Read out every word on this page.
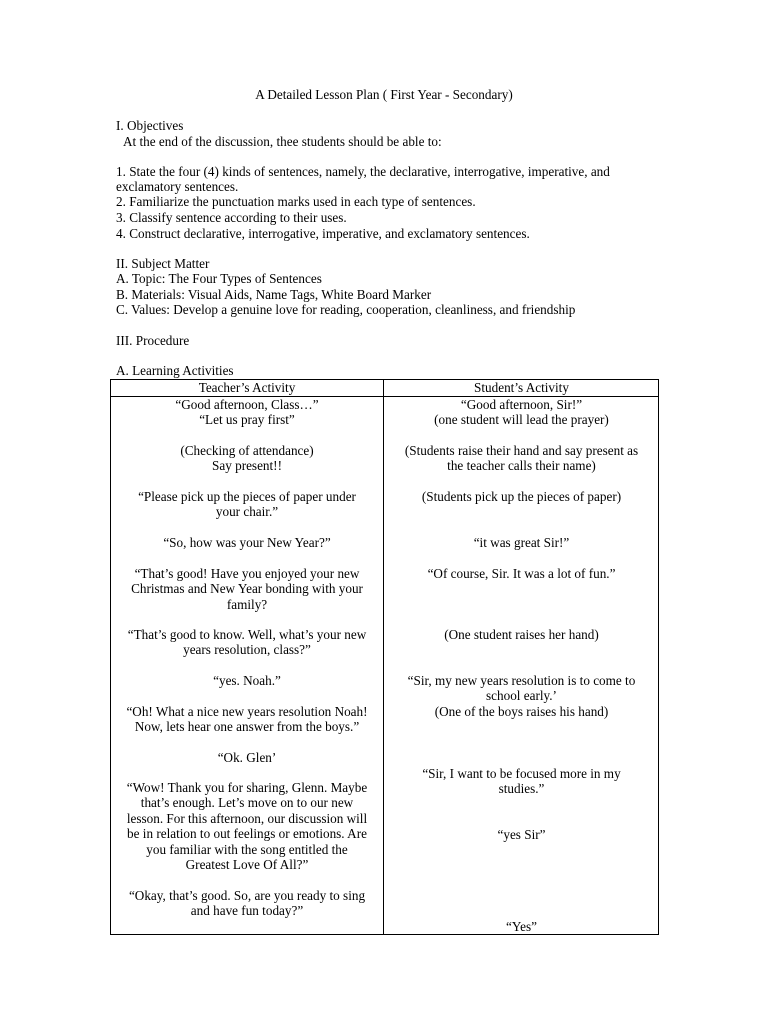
A Detailed Lesson Plan ( First Year - Secondary)
I. Objectives
At the end of the discussion, thee students should be able to:
1. State the four (4) kinds of sentences, namely, the declarative, interrogative, imperative, and
exclamatory sentences.
2. Familiarize the punctuation marks used in each type of sentences.
3. Classify sentence according to their uses.
4. Construct declarative, interrogative, imperative, and exclamatory sentences.
II. Subject Matter
A. Topic: The Four Types of Sentences
B. Materials: Visual Aids, Name Tags, White Board Marker
C. Values: Develop a genuine love for reading, cooperation, cleanliness, and friendship
III. Procedure
A. Learning Activities
Teacher’s Activity	Student’s Activity
“Good afternoon, Class…”
“Let us pray first”
(Checking of attendance)
Say present!!
“Please pick up the pieces of paper under
your chair.”
“So, how was your New Year?”
“That’s good! Have you enjoyed your new
Christmas and New Year bonding with your
family?
“That’s good to know. Well, what’s your new
years resolution, class?”
“yes. Noah.”
“Oh! What a nice new years resolution Noah!
Now, lets hear one answer from the boys.”
“Ok. Glen’
“Wow! Thank you for sharing, Glenn. Maybe
that’s enough. Let’s move on to our new
lesson. For this afternoon, our discussion will
be in relation to out feelings or emotions. Are
you familiar with the song entitled the
Greatest Love Of All?”
“Okay, that’s good. So, are you ready to sing
and have fun today?”
“Good afternoon, Sir!”
(one student will lead the prayer)
(Students raise their hand and say present as
the teacher calls their name)
(Students pick up the pieces of paper)
“it was great Sir!”
“Of course, Sir. It was a lot of fun.”
(One student raises her hand)
“Sir, my new years resolution is to come to
school early.’
(One of the boys raises his hand)
“Sir, I want to be focused more in my
studies.”
“yes Sir”
“Yes”
